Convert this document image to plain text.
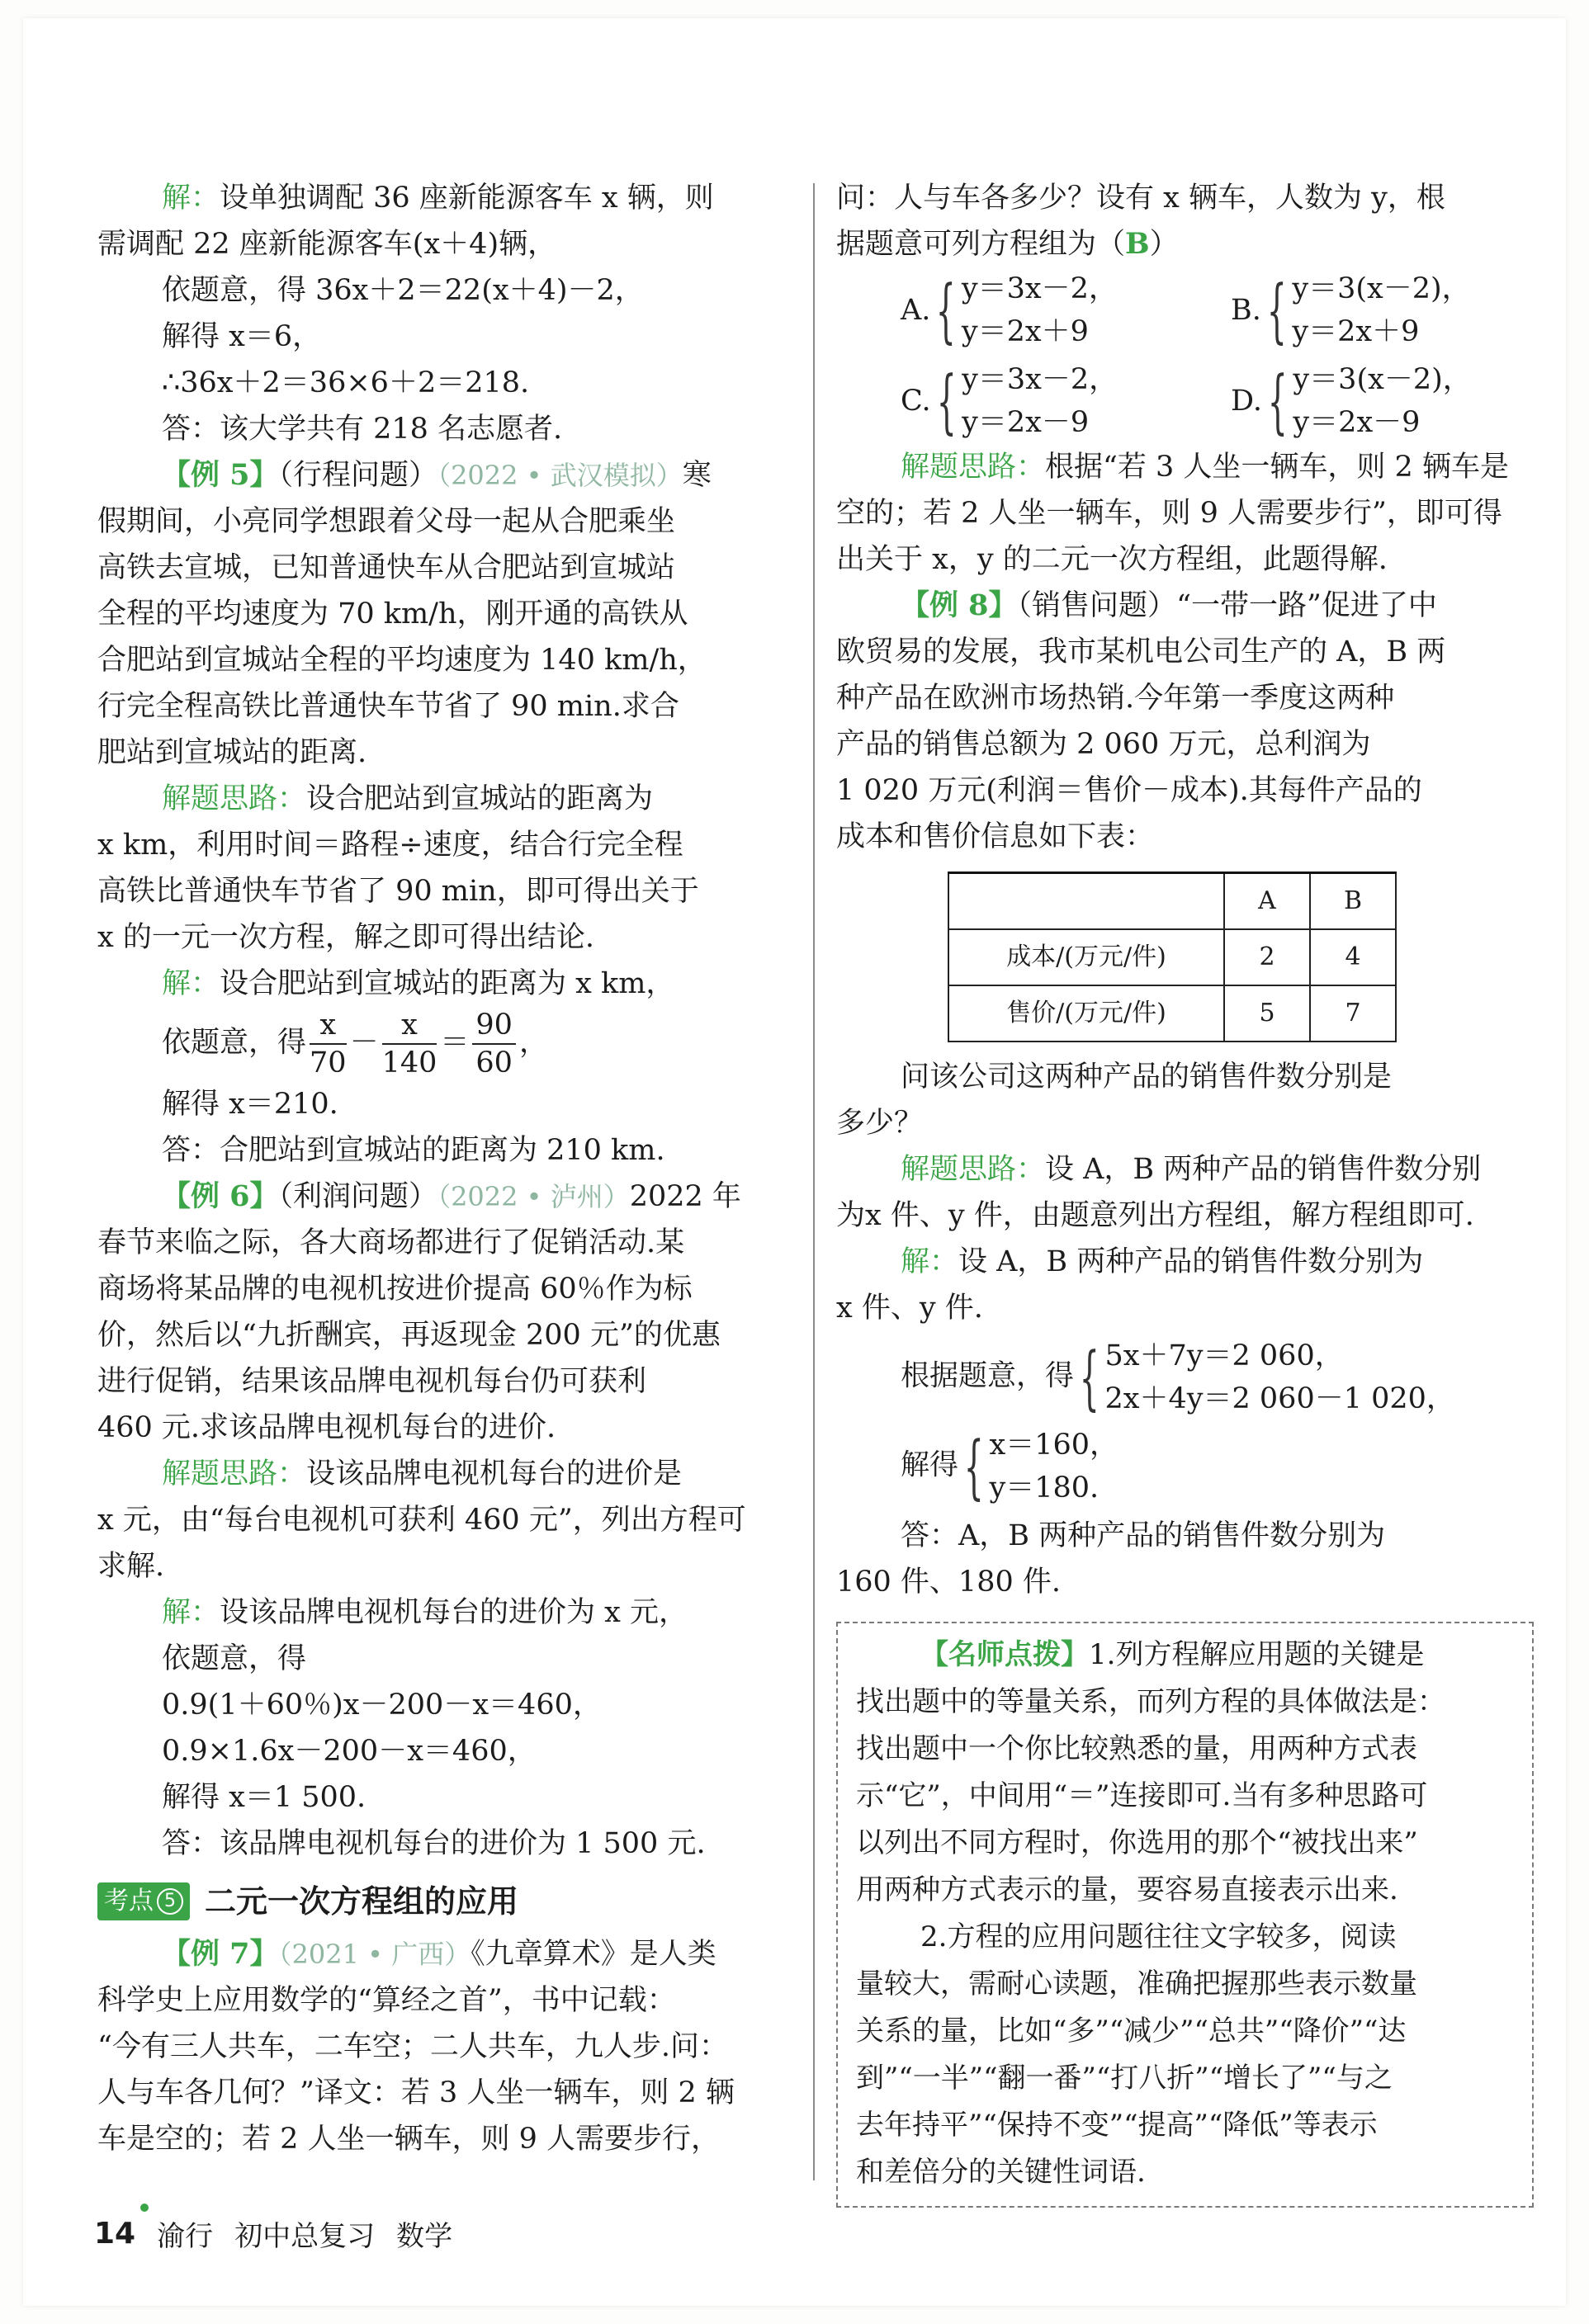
解：设单独调配 36 座新能源客车 x 辆，则

需调配 22 座新能源客车(x＋4)辆，

依题意，得 36x＋2＝22(x＋4)－2，

解得 x＝6，

∴36x＋2＝36×6＋2＝218.

答：该大学共有 218 名志愿者.

【例 5】（行程问题）（2022 • 武汉模拟）寒

假期间，小亮同学想跟着父母一起从合肥乘坐

高铁去宣城，已知普通快车从合肥站到宣城站

全程的平均速度为 70 km/h，刚开通的高铁从

合肥站到宣城站全程的平均速度为 140 km/h，

行完全程高铁比普通快车节省了 90 min.求合

肥站到宣城站的距离.

解题思路：设合肥站到宣城站的距离为

x km，利用时间＝路程÷速度，结合行完全程

高铁比普通快车节省了 90 min，即可得出关于

x 的一元一次方程，解之即可得出结论.

解：设合肥站到宣城站的距离为 x km，

依题意，得 $\frac{x}{70} - \frac{x}{140} = \frac{90}{60}$ ，

解得 x＝210.

答：合肥站到宣城站的距离为 210 km.

【例 6】（利润问题）（2022 • 泸州）2022 年

春节来临之际，各大商场都进行了促销活动.某

商场将某品牌的电视机按进价提高 60％作为标

价，然后以“九折酬宾，再返现金 200 元”的优惠

进行促销，结果该品牌电视机每台仍可获利

460 元.求该品牌电视机每台的进价.

解题思路：设该品牌电视机每台的进价是

x 元，由“每台电视机可获利 460 元”，列出方程可

求解.

解：设该品牌电视机每台的进价为 x 元，

依题意，得

0.9(1＋60％)x－200－x＝460，

0.9×1.6x－200－x＝460，

解得 x＝1 500.

答：该品牌电视机每台的进价为 1 500 元.

考点 5 二元一次方程组的应用

【例 7】（2021 • 广西）《九章算术》是人类

科学史上应用数学的“算经之首”，书中记载：

“今有三人共车，二车空；二人共车，九人步.问：

人与车各几何？”译文：若 3 人坐一辆车，则 2 辆

车是空的；若 2 人坐一辆车，则 9 人需要步行，

问：人与车各多少？设有 x 辆车，人数为 y，根

据题意可列方程组为（B）

A. { y＝3x－2，
y＝2x＋9
B. { y＝3(x－2)，
y＝2x＋9
C. { y＝3x－2，
y＝2x－9
D. { y＝3(x－2)，
y＝2x－9

解题思路：根据“若 3 人坐一辆车，则 2 辆车是

空的；若 2 人坐一辆车，则 9 人需要步行”，即可得

出关于 x，y 的二元一次方程组，此题得解.

【例 8】（销售问题）“一带一路”促进了中

欧贸易的发展，我市某机电公司生产的 A，B 两

种产品在欧洲市场热销.今年第一季度这两种

产品的销售总额为 2 060 万元，总利润为

1 020 万元(利润＝售价－成本).其每件产品的

成本和售价信息如下表：

	A	B
成本/(万元/件)	2	4
售价/(万元/件)	5	7

问该公司这两种产品的销售件数分别是

多少？

解题思路：设 A，B 两种产品的销售件数分别

为x 件、y 件，由题意列出方程组，解方程组即可.

解：设 A，B 两种产品的销售件数分别为

x 件、y 件.

根据题意，得 { 5x＋7y＝2 060，
2x＋4y＝2 060－1 020，

解得 { x＝160，
y＝180.

答：A，B 两种产品的销售件数分别为

160 件、180 件.

【名师点拨】1.列方程解应用题的关键是

找出题中的等量关系，而列方程的具体做法是：

找出题中一个你比较熟悉的量，用两种方式表

示“它”，中间用“＝”连接即可.当有多种思路可

以列出不同方程时，你选用的那个“被找出来”

用两种方式表示的量，要容易直接表示出来.

2.方程的应用问题往往文字较多，阅读

量较大，需耐心读题，准确把握那些表示数量

关系的量，比如“多”“减少”“总共”“降价”“达

到”“一半”“翻一番”“打八折”“增长了”“与之

去年持平”“保持不变”“提高”“降低”等表示

和差倍分的关键性词语.

14 渝行 初中总复习 数学
